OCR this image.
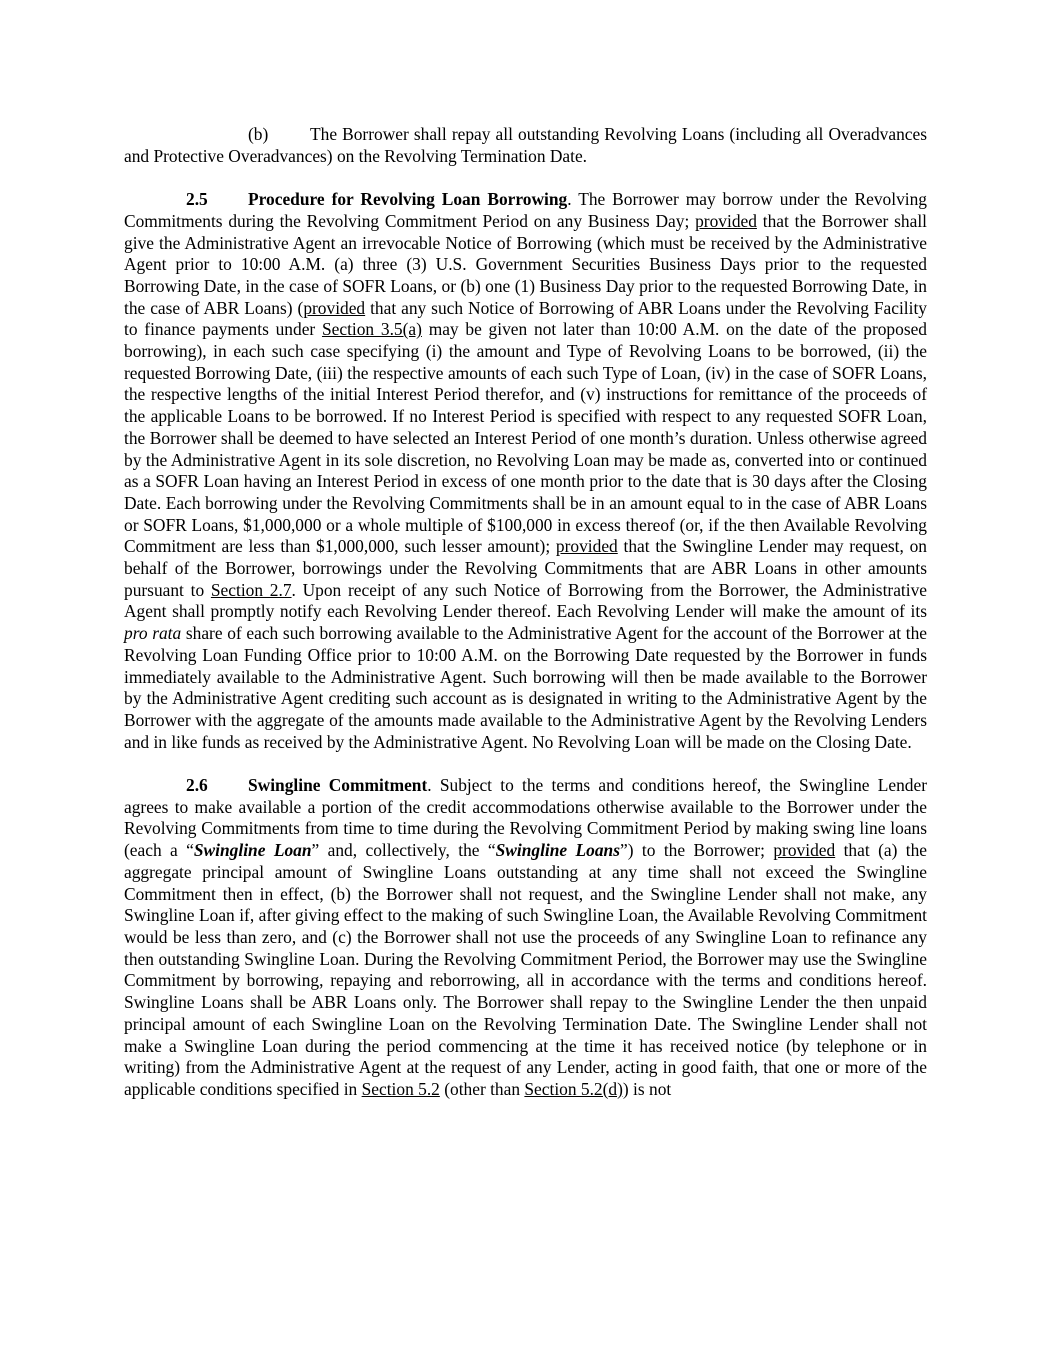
(b) The Borrower shall repay all outstanding Revolving Loans (including all Overadvances and Protective Overadvances) on the Revolving Termination Date.

2.5 Procedure for Revolving Loan Borrowing. The Borrower may borrow under the Revolving Commitments during the Revolving Commitment Period on any Business Day; provided that the Borrower shall give the Administrative Agent an irrevocable Notice of Borrowing (which must be received by the Administrative Agent prior to 10:00 A.M. (a) three (3) U.S. Government Securities Business Days prior to the requested Borrowing Date, in the case of SOFR Loans, or (b) one (1) Business Day prior to the requested Borrowing Date, in the case of ABR Loans) (provided that any such Notice of Borrowing of ABR Loans under the Revolving Facility to finance payments under Section 3.5(a) may be given not later than 10:00 A.M. on the date of the proposed borrowing), in each such case specifying (i) the amount and Type of Revolving Loans to be borrowed, (ii) the requested Borrowing Date, (iii) the respective amounts of each such Type of Loan, (iv) in the case of SOFR Loans, the respective lengths of the initial Interest Period therefor, and (v) instructions for remittance of the proceeds of the applicable Loans to be borrowed. If no Interest Period is specified with respect to any requested SOFR Loan, the Borrower shall be deemed to have selected an Interest Period of one month’s duration. Unless otherwise agreed by the Administrative Agent in its sole discretion, no Revolving Loan may be made as, converted into or continued as a SOFR Loan having an Interest Period in excess of one month prior to the date that is 30 days after the Closing Date. Each borrowing under the Revolving Commitments shall be in an amount equal to in the case of ABR Loans or SOFR Loans, $1,000,000 or a whole multiple of $100,000 in excess thereof (or, if the then Available Revolving Commitment are less than $1,000,000, such lesser amount); provided that the Swingline Lender may request, on behalf of the Borrower, borrowings under the Revolving Commitments that are ABR Loans in other amounts pursuant to Section 2.7. Upon receipt of any such Notice of Borrowing from the Borrower, the Administrative Agent shall promptly notify each Revolving Lender thereof. Each Revolving Lender will make the amount of its pro rata share of each such borrowing available to the Administrative Agent for the account of the Borrower at the Revolving Loan Funding Office prior to 10:00 A.M. on the Borrowing Date requested by the Borrower in funds immediately available to the Administrative Agent. Such borrowing will then be made available to the Borrower by the Administrative Agent crediting such account as is designated in writing to the Administrative Agent by the Borrower with the aggregate of the amounts made available to the Administrative Agent by the Revolving Lenders and in like funds as received by the Administrative Agent. No Revolving Loan will be made on the Closing Date.

2.6 Swingline Commitment. Subject to the terms and conditions hereof, the Swingline Lender agrees to make available a portion of the credit accommodations otherwise available to the Borrower under the Revolving Commitments from time to time during the Revolving Commitment Period by making swing line loans (each a “Swingline Loan” and, collectively, the “Swingline Loans”) to the Borrower; provided that (a) the aggregate principal amount of Swingline Loans outstanding at any time shall not exceed the Swingline Commitment then in effect, (b) the Borrower shall not request, and the Swingline Lender shall not make, any Swingline Loan if, after giving effect to the making of such Swingline Loan, the Available Revolving Commitment would be less than zero, and (c) the Borrower shall not use the proceeds of any Swingline Loan to refinance any then outstanding Swingline Loan. During the Revolving Commitment Period, the Borrower may use the Swingline Commitment by borrowing, repaying and reborrowing, all in accordance with the terms and conditions hereof. Swingline Loans shall be ABR Loans only. The Borrower shall repay to the Swingline Lender the then unpaid principal amount of each Swingline Loan on the Revolving Termination Date. The Swingline Lender shall not make a Swingline Loan during the period commencing at the time it has received notice (by telephone or in writing) from the Administrative Agent at the request of any Lender, acting in good faith, that one or more of the applicable conditions specified in Section 5.2 (other than Section 5.2(d)) is not
